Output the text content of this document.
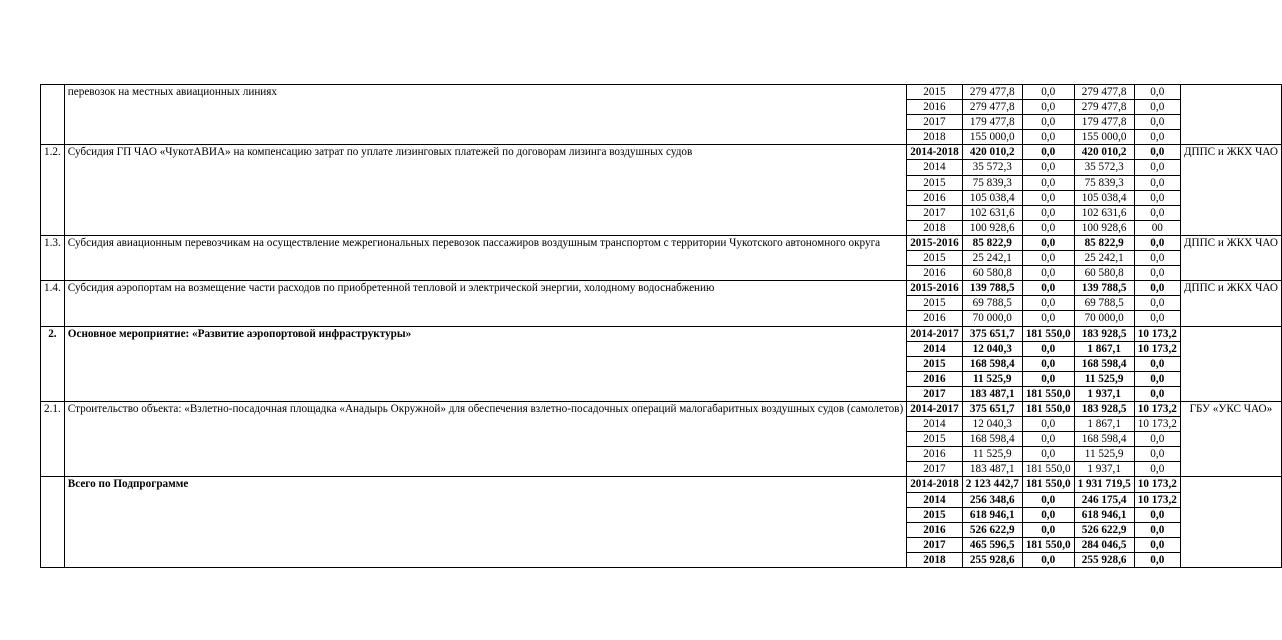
	перевозок на местных авиационных линиях	2015	279 477,8	0,0	279 477,8	0,0	
		2016	279 477,8	0,0	279 477,8	0,0	
		2017	179 477,8	0,0	179 477,8	0,0	
		2018	155 000,0	0,0	155 000,0	0,0	
1.2.	Субсидия ГП ЧАО «ЧукотАВИА» на компенсацию затрат по уплате лизинговых платежей по договорам лизинга воздушных судов	2014-2018	420 010,2	0,0	420 010,2	0,0	ДППС и ЖКХ ЧАО
		2014	35 572,3	0,0	35 572,3	0,0	
		2015	75 839,3	0,0	75 839,3	0,0	
		2016	105 038,4	0,0	105 038,4	0,0	
		2017	102 631,6	0,0	102 631,6	0,0	
		2018	100 928,6	0,0	100 928,6	00	
1.3.	Субсидия авиационным перевозчикам на осуществление межрегиональных перевозок пассажиров воздушным транспортом с территории Чукотского автономного округа	2015-2016	85 822,9	0,0	85 822,9	0,0	ДППС и ЖКХ ЧАО
		2015	25 242,1	0,0	25 242,1	0,0	
		2016	60 580,8	0,0	60 580,8	0,0	
1.4.	Субсидия аэропортам на возмещение части расходов по приобретенной тепловой и электрической энергии, холодному водоснабжению	2015-2016	139 788,5	0,0	139 788,5	0,0	ДППС и ЖКХ ЧАО
		2015	69 788,5	0,0	69 788,5	0,0	
		2016	70 000,0	0,0	70 000,0	0,0	
2.	Основное мероприятие: «Развитие аэропортовой инфраструктуры»	2014-2017	375 651,7	181 550,0	183 928,5	10 173,2	
		2014	12 040,3	0,0	1 867,1	10 173,2	
		2015	168 598,4	0,0	168 598,4	0,0	
		2016	11 525,9	0,0	11 525,9	0,0	
		2017	183 487,1	181 550,0	1 937,1	0,0	
2.1.	Строительство объекта: «Взлетно-посадочная площадка «Анадырь Окружной» для обеспечения взлетно-посадочных операций малогабаритных воздушных судов (самолетов)	2014-2017	375 651,7	181 550,0	183 928,5	10 173,2	ГБУ «УКС ЧАО»
		2014	12 040,3	0,0	1 867,1	10 173,2	
		2015	168 598,4	0,0	168 598,4	0,0	
		2016	11 525,9	0,0	11 525,9	0,0	
		2017	183 487,1	181 550,0	1 937,1	0,0	
	Всего по Подпрограмме	2014-2018	2 123 442,7	181 550,0	1 931 719,5	10 173,2	
		2014	256 348,6	0,0	246 175,4	10 173,2	
		2015	618 946,1	0,0	618 946,1	0,0	
		2016	526 622,9	0,0	526 622,9	0,0	
		2017	465 596,5	181 550,0	284 046,5	0,0	
		2018	255 928,6	0,0	255 928,6	0,0	
